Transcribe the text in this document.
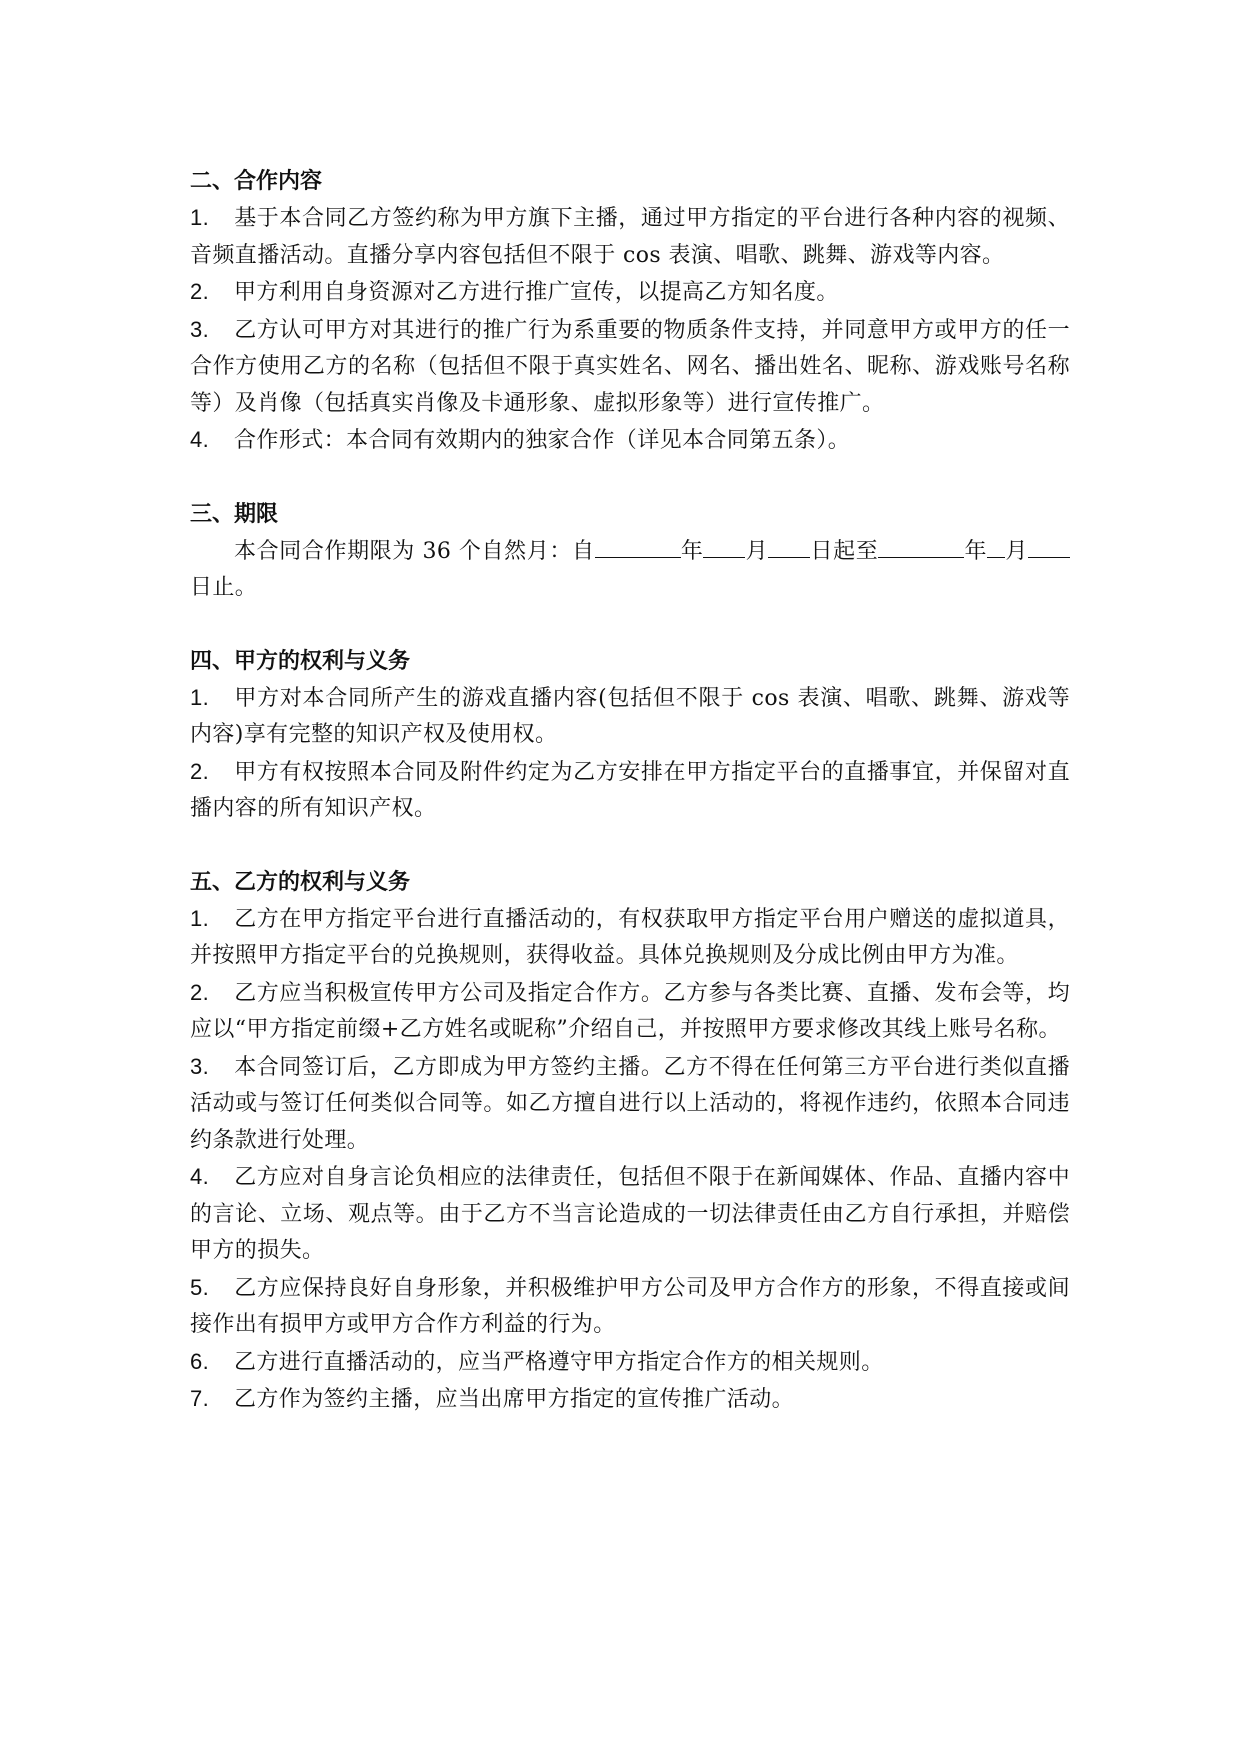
二、合作内容

1. 基于本合同乙方签约称为甲方旗下主播，通过甲方指定的平台进行各种内容的视频、音频直播活动。直播分享内容包括但不限于 cos 表演、唱歌、跳舞、游戏等内容。

2. 甲方利用自身资源对乙方进行推广宣传，以提高乙方知名度。

3. 乙方认可甲方对其进行的推广行为系重要的物质条件支持，并同意甲方或甲方的任一合作方使用乙方的名称（包括但不限于真实姓名、网名、播出姓名、昵称、游戏账号名称等）及肖像（包括真实肖像及卡通形象、虚拟形象等）进行宣传推广。

4. 合作形式：本合同有效期内的独家合作（详见本合同第五条）。

三、期限

本合同合作期限为 36 个自然月：自	年 月 日起至	年 月日止。

四、甲方的权利与义务

1. 甲方对本合同所产生的游戏直播内容(包括但不限于 cos 表演、唱歌、跳舞、游戏等内容)享有完整的知识产权及使用权。

2. 甲方有权按照本合同及附件约定为乙方安排在甲方指定平台的直播事宜，并保留对直播内容的所有知识产权。

五、乙方的权利与义务

1. 乙方在甲方指定平台进行直播活动的，有权获取甲方指定平台用户赠送的虚拟道具，并按照甲方指定平台的兑换规则，获得收益。具体兑换规则及分成比例由甲方为准。

2. 乙方应当积极宣传甲方公司及指定合作方。乙方参与各类比赛、直播、发布会等，均应以“甲方指定前缀+乙方姓名或昵称”介绍自己，并按照甲方要求修改其线上账号名称。

3. 本合同签订后，乙方即成为甲方签约主播。乙方不得在任何第三方平台进行类似直播活动或与签订任何类似合同等。如乙方擅自进行以上活动的，将视作违约，依照本合同违约条款进行处理。

4. 乙方应对自身言论负相应的法律责任，包括但不限于在新闻媒体、作品、直播内容中的言论、立场、观点等。由于乙方不当言论造成的一切法律责任由乙方自行承担，并赔偿甲方的损失。

5. 乙方应保持良好自身形象，并积极维护甲方公司及甲方合作方的形象，不得直接或间接作出有损甲方或甲方合作方利益的行为。

6. 乙方进行直播活动的，应当严格遵守甲方指定合作方的相关规则。

7. 乙方作为签约主播，应当出席甲方指定的宣传推广活动。
